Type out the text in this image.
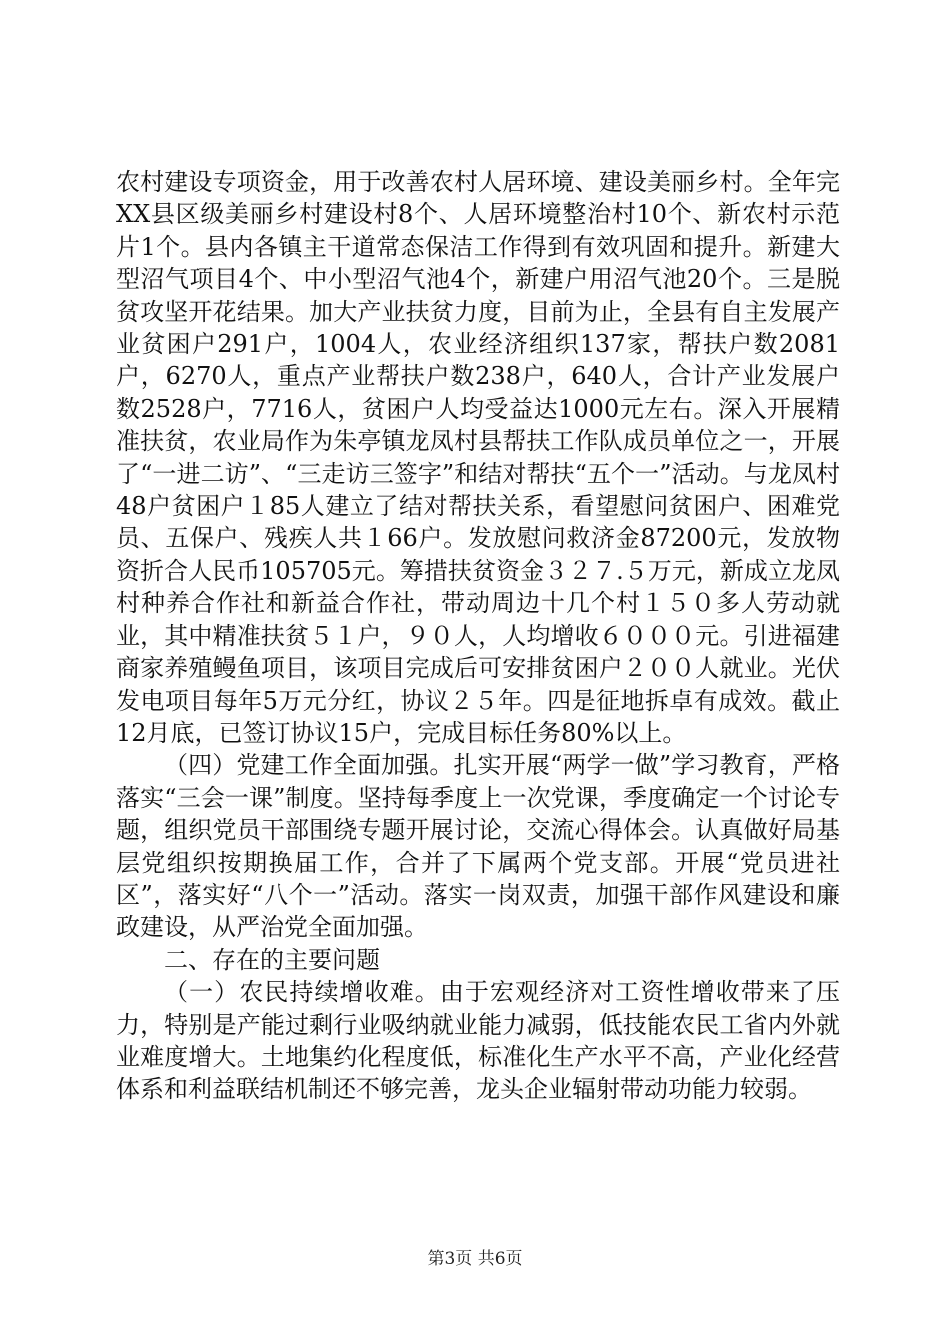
农村建设专项资金，用于改善农村人居环境、建设美丽乡村。全年完XX县区级美丽乡村建设村8个、人居环境整治村10个、新农村示范片1个。县内各镇主干道常态保洁工作得到有效巩固和提升。新建大型沼气项目4个、中小型沼气池4个，新建户用沼气池20个。三是脱贫攻坚开花结果。加大产业扶贫力度，目前为止，全县有自主发展产业贫困户291户，1004人，农业经济组织137家，帮扶户数2081户，6270人，重点产业帮扶户数238户，640人，合计产业发展户数2528户，7716人，贫困户人均受益达1000元左右。深入开展精准扶贫，农业局作为朱亭镇龙凤村县帮扶工作队成员单位之一，开展了“一进二访”、“三走访三签字”和结对帮扶“五个一”活动。与龙凤村48户贫困户１85人建立了结对帮扶关系，看望慰问贫困户、困难党员、五保户、残疾人共１66户。发放慰问救济金87200元，发放物资折合人民币105705元。筹措扶贫资金３２７.５万元，新成立龙凤村种养合作社和新益合作社，带动周边十几个村１５０多人劳动就业，其中精准扶贫５１户，９０人，人均增收６０００元。引进福建商家养殖鳗鱼项目，该项目完成后可安排贫困户２００人就业。光伏发电项目每年5万元分红，协议２５年。四是征地拆卓有成效。截止12月底，已签订协议15户，完成目标任务80%以上。

（四）党建工作全面加强。扎实开展“两学一做”学习教育，严格落实“三会一课”制度。坚持每季度上一次党课，季度确定一个讨论专题，组织党员干部围绕专题开展讨论，交流心得体会。认真做好局基层党组织按期换届工作，合并了下属两个党支部。开展“党员进社区”，落实好“八个一”活动。落实一岗双责，加强干部作风建设和廉政建设，从严治党全面加强。

二、存在的主要问题

（一）农民持续增收难。由于宏观经济对工资性增收带来了压力，特别是产能过剩行业吸纳就业能力减弱，低技能农民工省内外就业难度增大。土地集约化程度低，标准化生产水平不高，产业化经营体系和利益联结机制还不够完善，龙头企业辐射带动功能力较弱。

第3页 共6页
